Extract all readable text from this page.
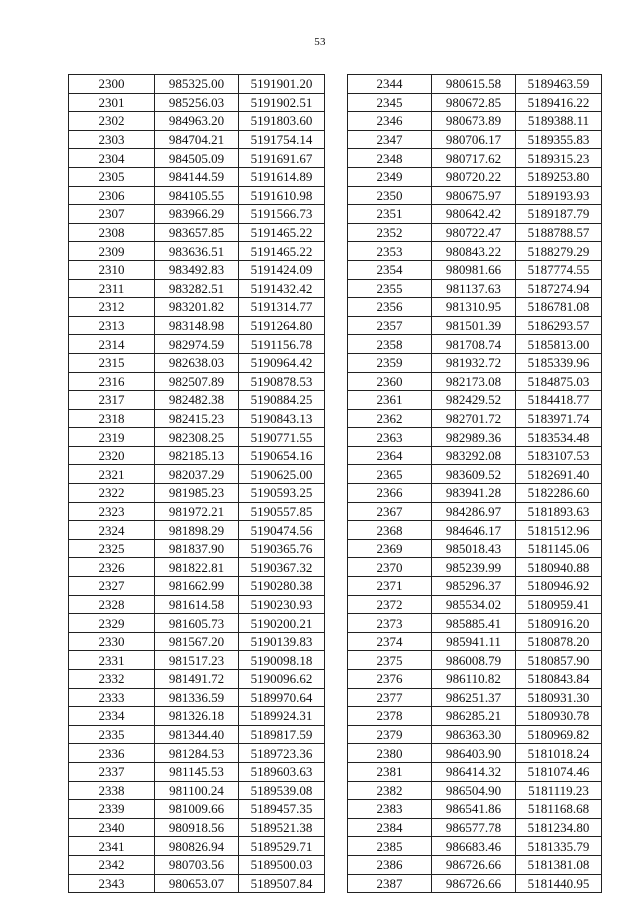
53
2300	985325.00	5191901.20
2301	985256.03	5191902.51
2302	984963.20	5191803.60
2303	984704.21	5191754.14
2304	984505.09	5191691.67
2305	984144.59	5191614.89
2306	984105.55	5191610.98
2307	983966.29	5191566.73
2308	983657.85	5191465.22
2309	983636.51	5191465.22
2310	983492.83	5191424.09
2311	983282.51	5191432.42
2312	983201.82	5191314.77
2313	983148.98	5191264.80
2314	982974.59	5191156.78
2315	982638.03	5190964.42
2316	982507.89	5190878.53
2317	982482.38	5190884.25
2318	982415.23	5190843.13
2319	982308.25	5190771.55
2320	982185.13	5190654.16
2321	982037.29	5190625.00
2322	981985.23	5190593.25
2323	981972.21	5190557.85
2324	981898.29	5190474.56
2325	981837.90	5190365.76
2326	981822.81	5190367.32
2327	981662.99	5190280.38
2328	981614.58	5190230.93
2329	981605.73	5190200.21
2330	981567.20	5190139.83
2331	981517.23	5190098.18
2332	981491.72	5190096.62
2333	981336.59	5189970.64
2334	981326.18	5189924.31
2335	981344.40	5189817.59
2336	981284.53	5189723.36
2337	981145.53	5189603.63
2338	981100.24	5189539.08
2339	981009.66	5189457.35
2340	980918.56	5189521.38
2341	980826.94	5189529.71
2342	980703.56	5189500.03
2343	980653.07	5189507.84
2344	980615.58	5189463.59
2345	980672.85	5189416.22
2346	980673.89	5189388.11
2347	980706.17	5189355.83
2348	980717.62	5189315.23
2349	980720.22	5189253.80
2350	980675.97	5189193.93
2351	980642.42	5189187.79
2352	980722.47	5188788.57
2353	980843.22	5188279.29
2354	980981.66	5187774.55
2355	981137.63	5187274.94
2356	981310.95	5186781.08
2357	981501.39	5186293.57
2358	981708.74	5185813.00
2359	981932.72	5185339.96
2360	982173.08	5184875.03
2361	982429.52	5184418.77
2362	982701.72	5183971.74
2363	982989.36	5183534.48
2364	983292.08	5183107.53
2365	983609.52	5182691.40
2366	983941.28	5182286.60
2367	984286.97	5181893.63
2368	984646.17	5181512.96
2369	985018.43	5181145.06
2370	985239.99	5180940.88
2371	985296.37	5180946.92
2372	985534.02	5180959.41
2373	985885.41	5180916.20
2374	985941.11	5180878.20
2375	986008.79	5180857.90
2376	986110.82	5180843.84
2377	986251.37	5180931.30
2378	986285.21	5180930.78
2379	986363.30	5180969.82
2380	986403.90	5181018.24
2381	986414.32	5181074.46
2382	986504.90	5181119.23
2383	986541.86	5181168.68
2384	986577.78	5181234.80
2385	986683.46	5181335.79
2386	986726.66	5181381.08
2387	986726.66	5181440.95
